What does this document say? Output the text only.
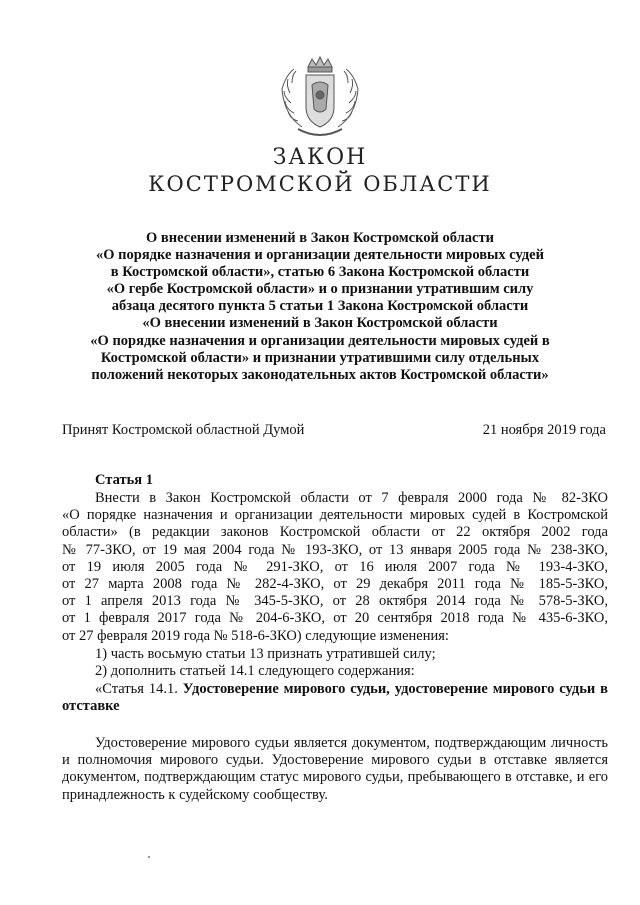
ЗАКОН
КОСТРОМСКОЙ ОБЛАСТИ
О внесении изменений в Закон Костромской области
«О порядке назначения и организации деятельности мировых судей
в Костромской области», статью 6 Закона Костромской области
«О гербе Костромской области» и о признании утратившим силу
абзаца десятого пункта 5 статьи 1 Закона Костромской области
«О внесении изменений в Закон Костромской области
«О порядке назначения и организации деятельности мировых судей в
Костромской области» и признании утратившими силу отдельных
положений некоторых законодательных актов Костромской области»
Принят Костромской областной Думой	21 ноября 2019 года
Статья 1
Внести в Закон Костромской области от 7 февраля 2000 года № 82-ЗКО
«О порядке назначения и организации деятельности мировых судей в Костромской
области» (в редакции законов Костромской области от 22 октября 2002 года
№ 77-ЗКО, от 19 мая 2004 года № 193-ЗКО, от 13 января 2005 года № 238-ЗКО,
от 19 июля 2005 года № 291-ЗКО, от 16 июля 2007 года № 193-4-ЗКО,
от 27 марта 2008 года № 282-4-ЗКО, от 29 декабря 2011 года № 185-5-ЗКО,
от 1 апреля 2013 года № 345-5-ЗКО, от 28 октября 2014 года № 578-5-ЗКО,
от 1 февраля 2017 года № 204-6-ЗКО, от 20 сентября 2018 года № 435-6-ЗКО,
от 27 февраля 2019 года № 518-6-ЗКО) следующие изменения:
1) часть восьмую статьи 13 признать утратившей силу;
2) дополнить статьей 14.1 следующего содержания:
«Статья 14.1. Удостоверение мирового судьи, удостоверение мирового судьи в отставке
Удостоверение мирового судьи является документом, подтверждающим личность и полномочия мирового судьи. Удостоверение мирового судьи в отставке является документом, подтверждающим статус мирового судьи, пребывающего в отставке, и его принадлежность к судейскому сообществу.
